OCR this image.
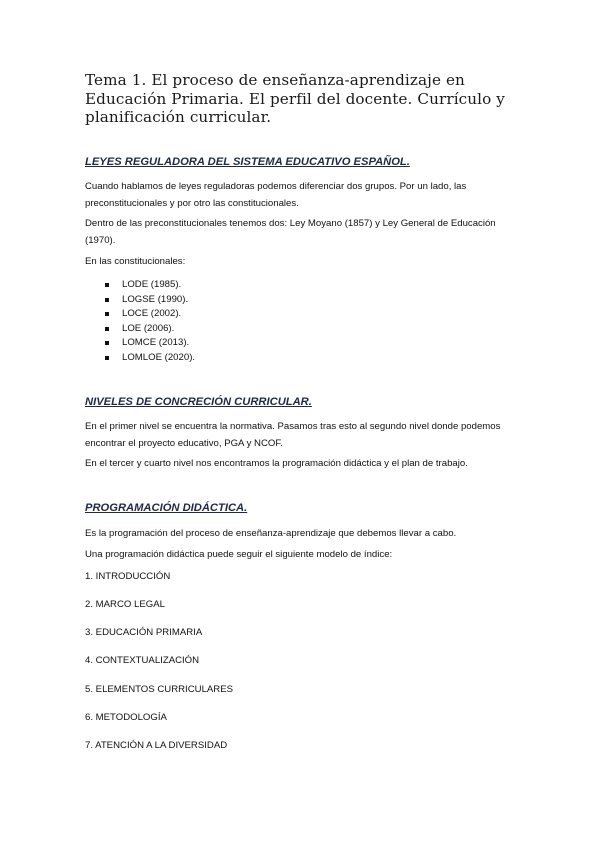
Tema 1. El proceso de enseñanza-aprendizaje en Educación Primaria. El perfil del docente. Currículo y planificación curricular.
LEYES REGULADORA DEL SISTEMA EDUCATIVO ESPAÑOL.

Cuando hablamos de leyes reguladoras podemos diferenciar dos grupos. Por un lado, las preconstitucionales y por otro las constitucionales.

Dentro de las preconstitucionales tenemos dos: Ley Moyano (1857) y Ley General de Educación (1970).

En las constitucionales:

LODE (1985).
LOGSE (1990).
LOCE (2002).
LOE (2006).
LOMCE (2013).
LOMLOE (2020).
NIVELES DE CONCRECIÓN CURRICULAR.

En el primer nivel se encuentra la normativa. Pasamos tras esto al segundo nivel donde podemos encontrar el proyecto educativo, PGA y NCOF.

En el tercer y cuarto nivel nos encontramos la programación didáctica y el plan de trabajo.

PROGRAMACIÓN DIDÁCTICA.

Es la programación del proceso de enseñanza-aprendizaje que debemos llevar a cabo.

Una programación didáctica puede seguir el siguiente modelo de índice:

1. INTRODUCCIÓN

2. MARCO LEGAL

3. EDUCACIÓN PRIMARIA

4. CONTEXTUALIZACIÓN

5. ELEMENTOS CURRICULARES

6. METODOLOGÍA

7. ATENCIÓN A LA DIVERSIDAD
